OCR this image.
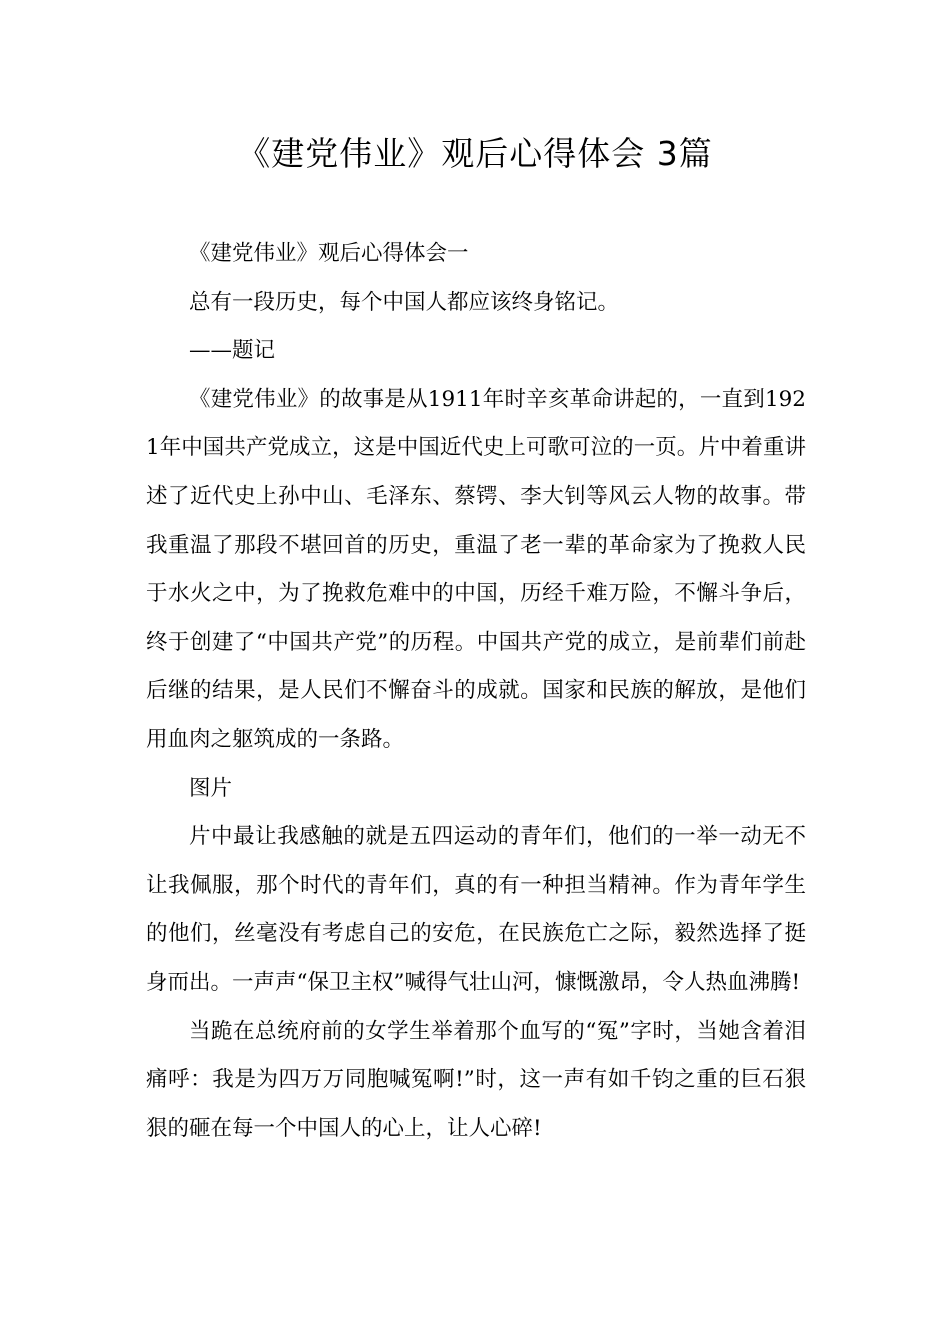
《建党伟业》观后心得体会 3篇

《建党伟业》观后心得体会一

总有一段历史，每个中国人都应该终身铭记。

——题记

《建党伟业》的故事是从1911年时辛亥革命讲起的，一直到1921年中国共产党成立，这是中国近代史上可歌可泣的一页。片中着重讲述了近代史上孙中山、毛泽东、蔡锷、李大钊等风云人物的故事。带我重温了那段不堪回首的历史，重温了老一辈的革命家为了挽救人民于水火之中，为了挽救危难中的中国，历经千难万险，不懈斗争后，终于创建了“中国共产党”的历程。中国共产党的成立，是前辈们前赴后继的结果，是人民们不懈奋斗的成就。国家和民族的解放，是他们用血肉之躯筑成的一条路。

图片

片中最让我感触的就是五四运动的青年们，他们的一举一动无不让我佩服，那个时代的青年们，真的有一种担当精神。作为青年学生的他们，丝毫没有考虑自己的安危，在民族危亡之际，毅然选择了挺身而出。一声声“保卫主权”喊得气壮山河，慷慨激昂，令人热血沸腾!

当跪在总统府前的女学生举着那个血写的“冤”字时，当她含着泪痛呼：我是为四万万同胞喊冤啊!”时，这一声有如千钧之重的巨石狠狠的砸在每一个中国人的心上，让人心碎!
